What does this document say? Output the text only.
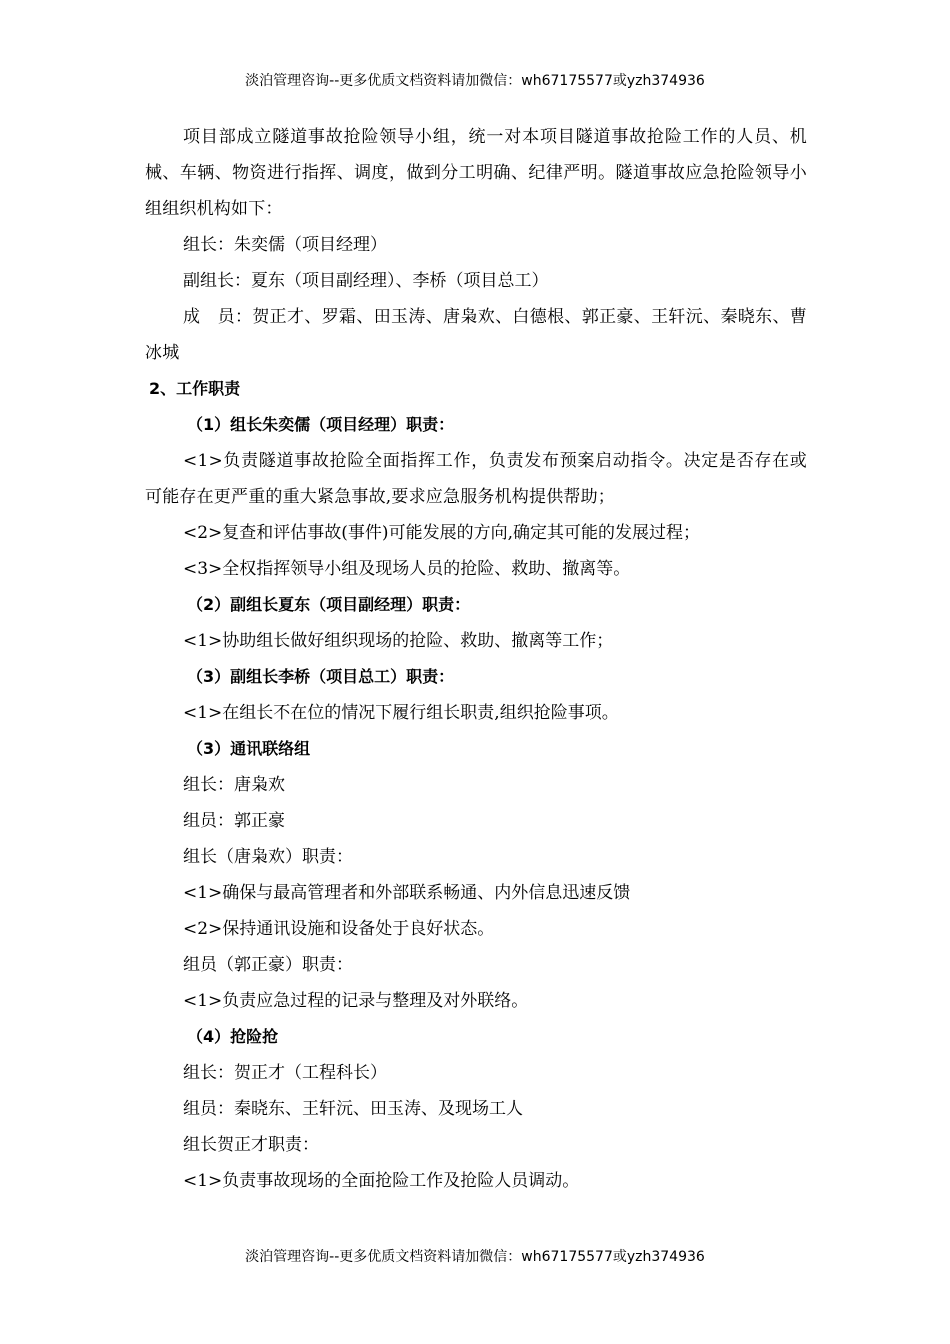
淡泊管理咨询--更多优质文档资料请加微信：wh67175577或yzh374936

项目部成立隧道事故抢险领导小组，统一对本项目隧道事故抢险工作的人员、机械、车辆、物资进行指挥、调度，做到分工明确、纪律严明。隧道事故应急抢险领导小组组织机构如下：

组长：朱奕儒（项目经理）

副组长：夏东（项目副经理）、李桥（项目总工）

成　员：贺正才、罗霜、田玉涛、唐枭欢、白德根、郭正豪、王轩沅、秦晓东、曹冰城

2、工作职责

（1）组长朱奕儒（项目经理）职责：

<1>负责隧道事故抢险全面指挥工作，负责发布预案启动指令。决定是否存在或可能存在更严重的重大紧急事故,要求应急服务机构提供帮助；

<2>复查和评估事故(事件)可能发展的方向,确定其可能的发展过程；

<3>全权指挥领导小组及现场人员的抢险、救助、撤离等。

（2）副组长夏东（项目副经理）职责：

<1>协助组长做好组织现场的抢险、救助、撤离等工作；

（3）副组长李桥（项目总工）职责：

<1>在组长不在位的情况下履行组长职责,组织抢险事项。

（3）通讯联络组

组长：唐枭欢

组员：郭正豪

组长（唐枭欢）职责：

<1>确保与最高管理者和外部联系畅通、内外信息迅速反馈

<2>保持通讯设施和设备处于良好状态。

组员（郭正豪）职责：

<1>负责应急过程的记录与整理及对外联络。

（4）抢险抢

组长：贺正才（工程科长）

组员：秦晓东、王轩沅、田玉涛、及现场工人

组长贺正才职责：

<1>负责事故现场的全面抢险工作及抢险人员调动。

淡泊管理咨询--更多优质文档资料请加微信：wh67175577或yzh374936
